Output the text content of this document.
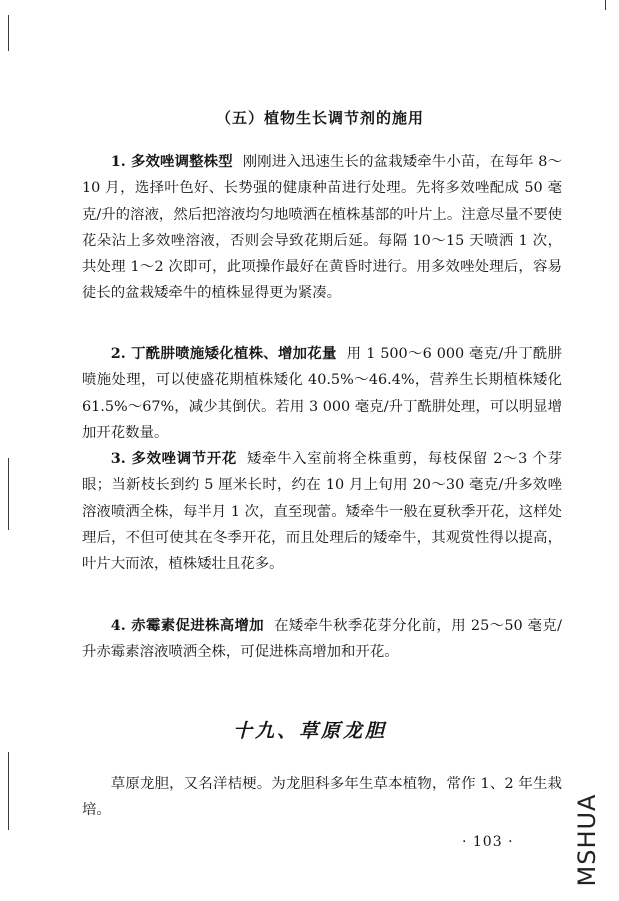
（五）植物生长调节剂的施用

1. 多效唑调整株型 刚刚进入迅速生长的盆栽矮牵牛小苗，在每年 8～10 月，选择叶色好、长势强的健康种苗进行处理。先将多效唑配成 50 毫克/升的溶液，然后把溶液均匀地喷洒在植株基部的叶片上。注意尽量不要使花朵沾上多效唑溶液，否则会导致花期后延。每隔 10～15 天喷洒 1 次，共处理 1～2 次即可，此项操作最好在黄昏时进行。用多效唑处理后，容易徒长的盆栽矮牵牛的植株显得更为紧凑。

2. 丁酰肼喷施矮化植株、增加花量 用 1 500～6 000 毫克/升丁酰肼喷施处理，可以使盛花期植株矮化 40.5%～46.4%，营养生长期植株矮化 61.5%～67%，减少其倒伏。若用 3 000 毫克/升丁酰肼处理，可以明显增加开花数量。

3. 多效唑调节开花 矮牵牛入室前将全株重剪，每枝保留 2～3 个芽眼；当新枝长到约 5 厘米长时，约在 10 月上旬用 20～30 毫克/升多效唑溶液喷洒全株，每半月 1 次，直至现蕾。矮牵牛一般在夏秋季开花，这样处理后，不但可使其在冬季开花，而且处理后的矮牵牛，其观赏性得以提高，叶片大而浓，植株矮壮且花多。

4. 赤霉素促进株高增加 在矮牵牛秋季花芽分化前，用 25～50 毫克/升赤霉素溶液喷洒全株，可促进株高增加和开花。

十九、草原龙胆

草原龙胆，又名洋桔梗。为龙胆科多年生草本植物，常作 1、2 年生栽培。

· 103 · MSHUA
